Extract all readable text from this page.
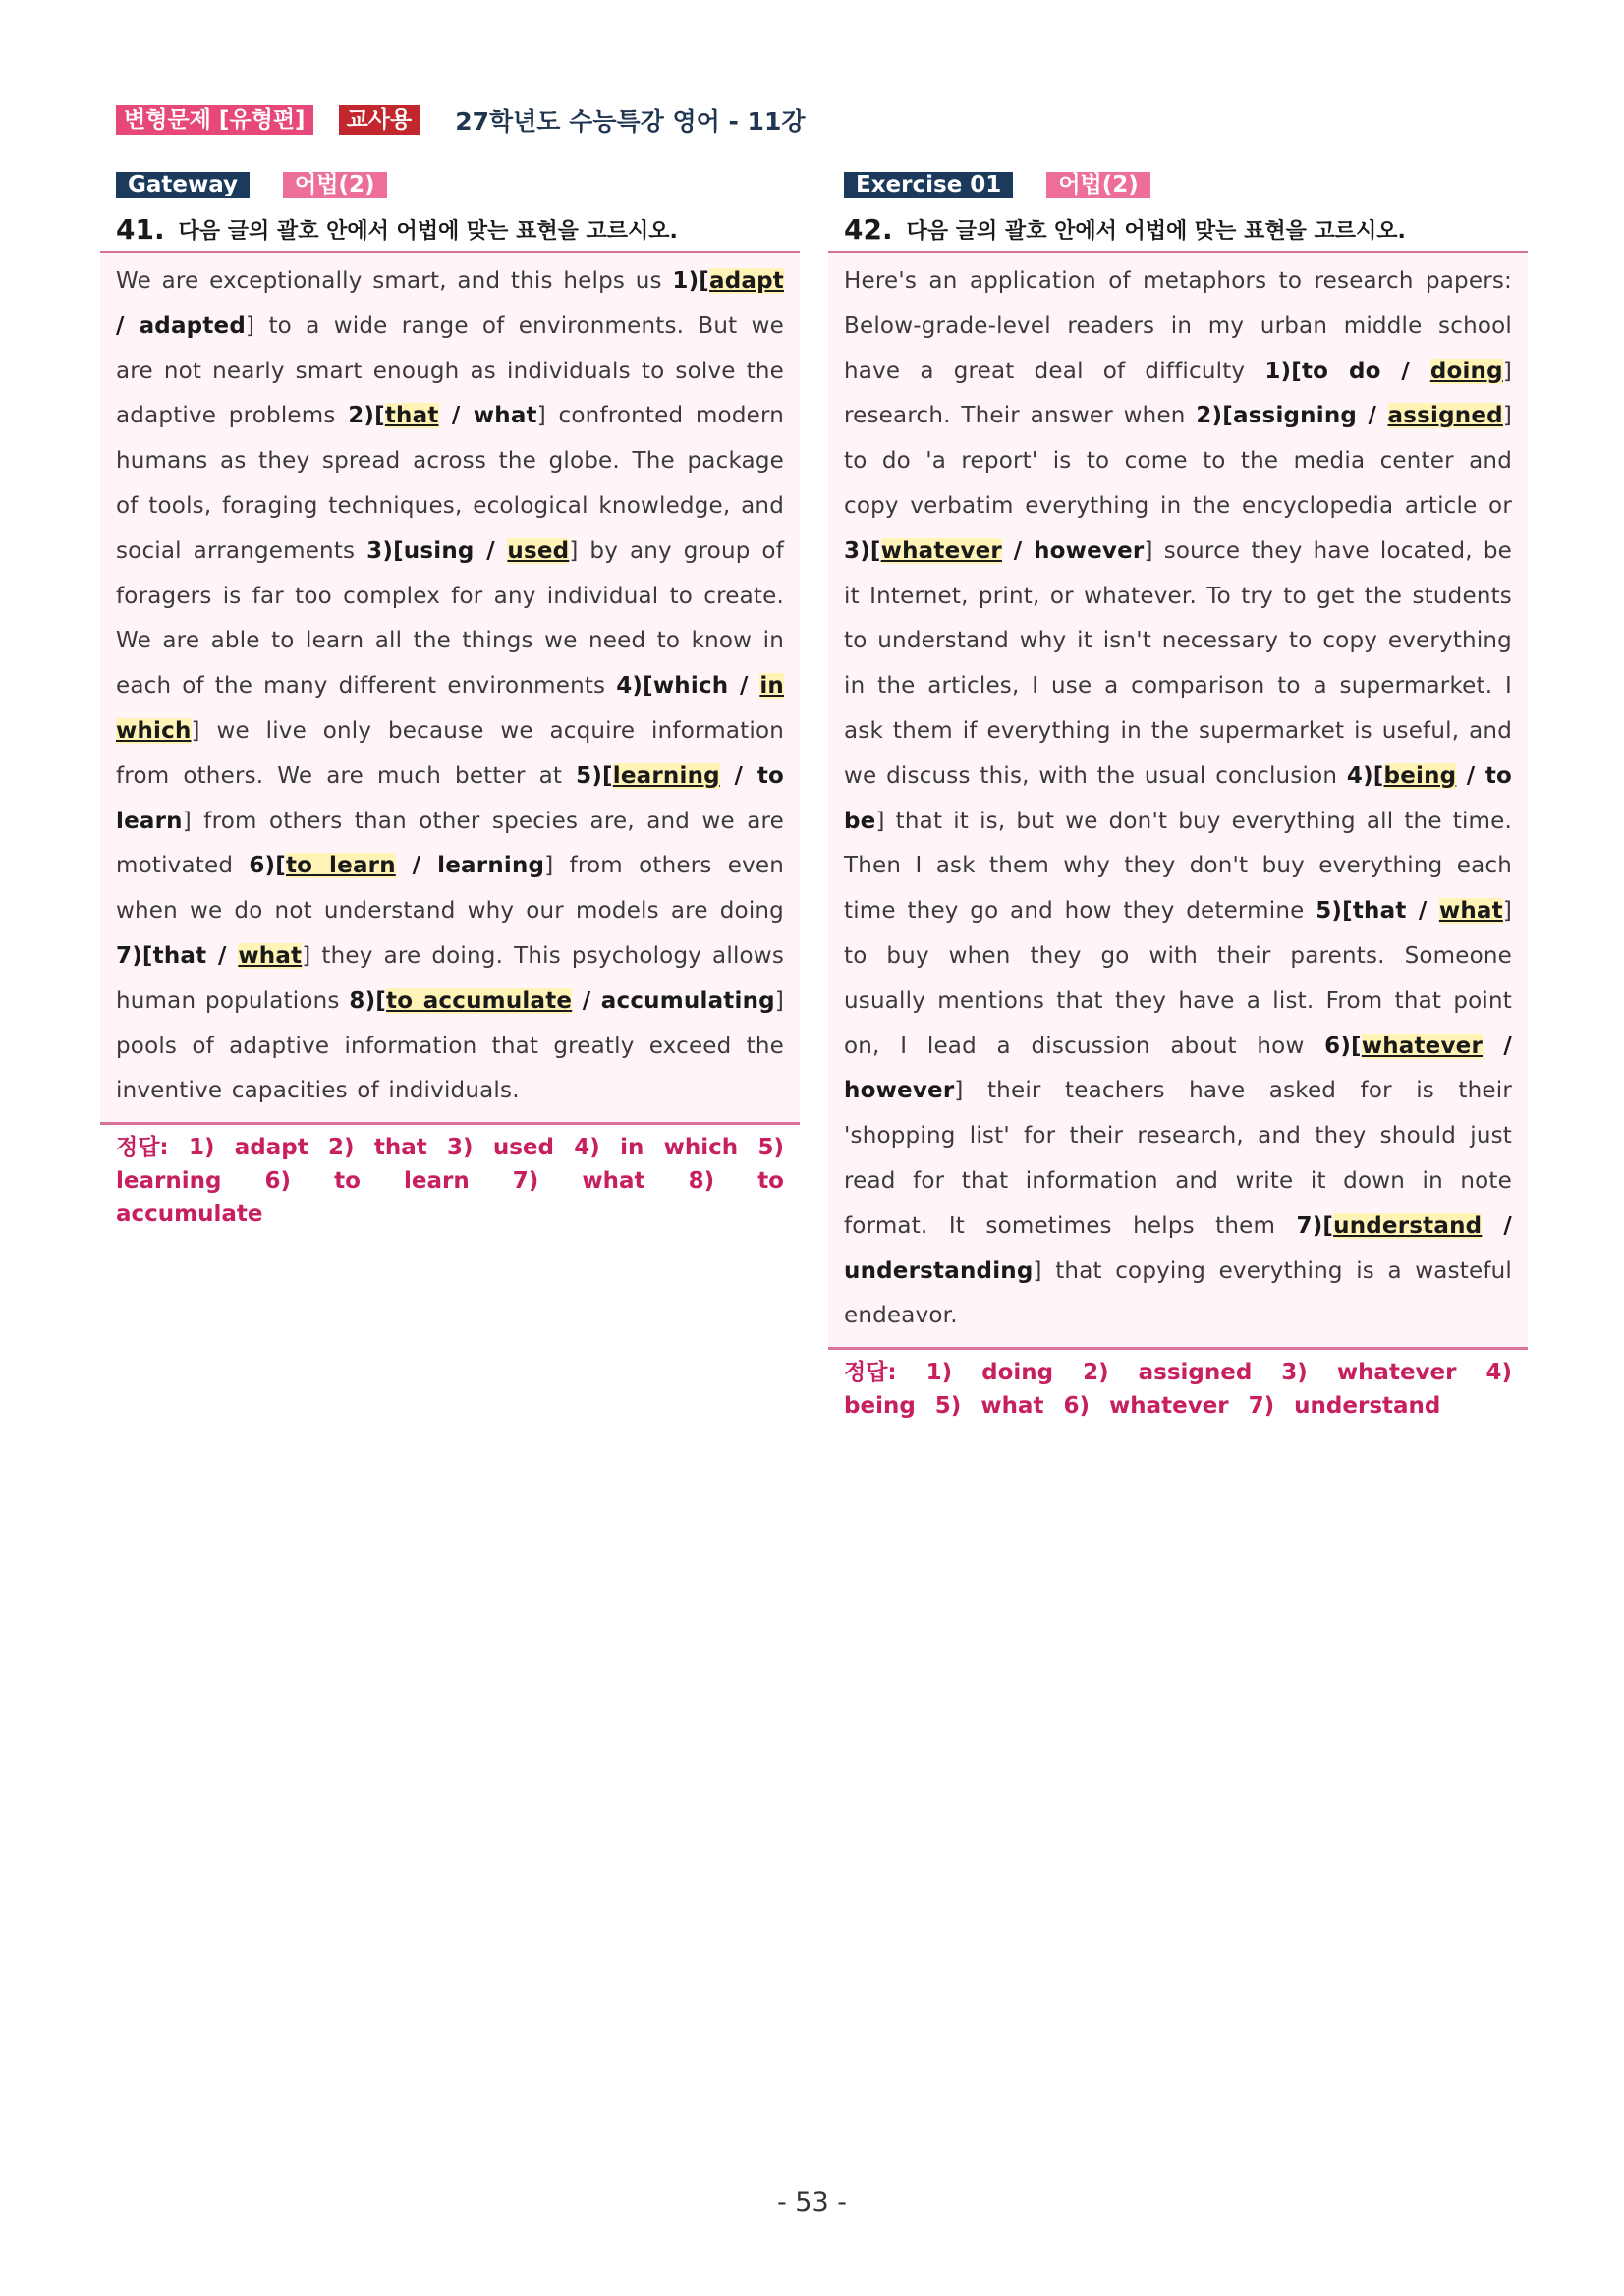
변형문제 [유형편]	교사용	27학년도 수능특강 영어 - 11강
Gateway	어법(2)
41. 다음 글의 괄호 안에서 어법에 맞는 표현을 고르시오.
We are exceptionally smart, and this helps us 1)[adapt / adapted] to a wide range of environments. But we are not nearly smart enough as individuals to solve the adaptive problems 2)[that / what] confronted modern humans as they spread across the globe. The package of tools, foraging techniques, ecological knowledge, and social arrangements 3)[using / used] by any group of foragers is far too complex for any individual to create. We are able to learn all the things we need to know in each of the many different environments 4)[which / in which] we live only because we acquire information from others. We are much better at 5)[learning / to learn] from others than other species are, and we are motivated 6)[to learn / learning] from others even when we do not understand why our models are doing 7)[that / what] they are doing. This psychology allows human populations 8)[to accumulate / accumulating] pools of adaptive information that greatly exceed the inventive capacities of individuals.
정답: 1) adapt 2) that 3) used 4) in which 5) learning 6) to learn 7) what 8) to accumulate
Exercise 01	어법(2)
42. 다음 글의 괄호 안에서 어법에 맞는 표현을 고르시오.
Here's an application of metaphors to research papers: Below-grade-level readers in my urban middle school have a great deal of difficulty 1)[to do / doing] research. Their answer when 2)[assigning / assigned] to do 'a report' is to come to the media center and copy verbatim everything in the encyclopedia article or 3)[whatever / however] source they have located, be it Internet, print, or whatever. To try to get the students to understand why it isn't necessary to copy everything in the articles, I use a comparison to a supermarket. I ask them if everything in the supermarket is useful, and we discuss this, with the usual conclusion 4)[being / to be] that it is, but we don't buy everything all the time. Then I ask them why they don't buy everything each time they go and how they determine 5)[that / what] to buy when they go with their parents. Someone usually mentions that they have a list. From that point on, I lead a discussion about how 6)[whatever / however] their teachers have asked for is their 'shopping list' for their research, and they should just read for that information and write it down in note format. It sometimes helps them 7)[understand / understanding] that copying everything is a wasteful endeavor.
정답: 1) doing 2) assigned 3) whatever 4) being 5) what 6) whatever 7) understand
- 53 -
